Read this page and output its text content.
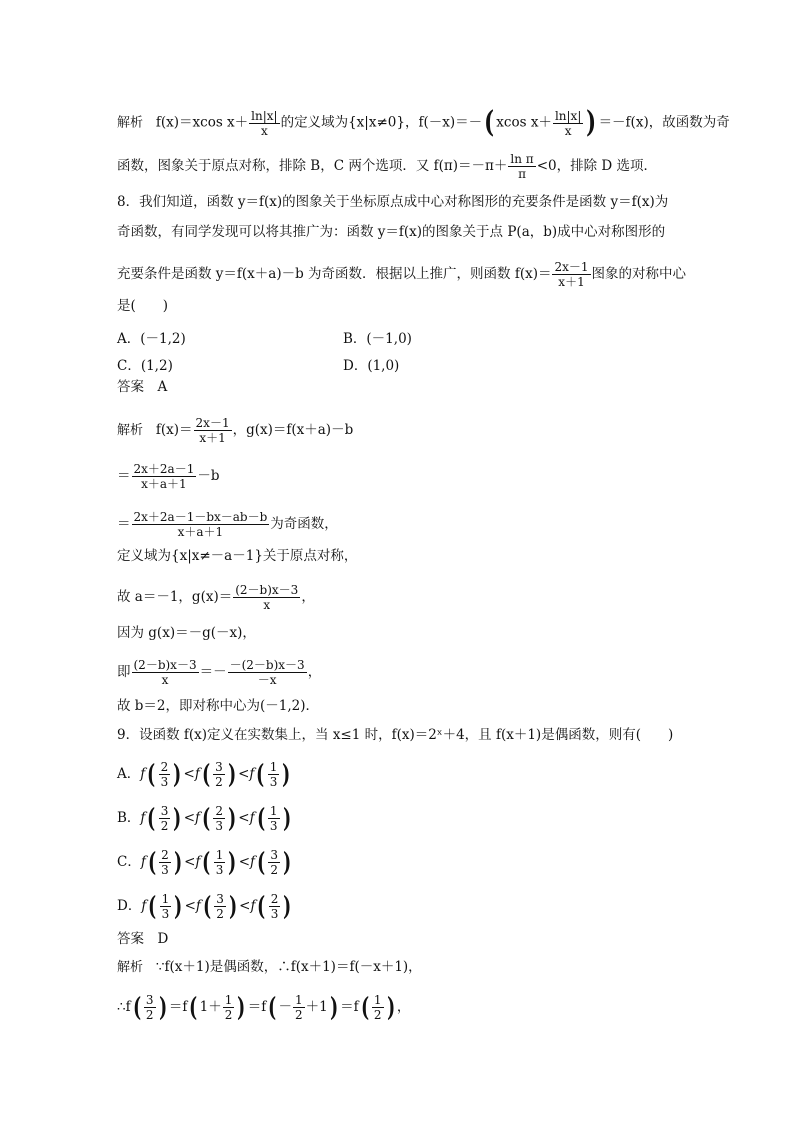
解析 f(x)＝xcos $x+ \frac{\ln|x|}{x}$ 的定义域为{x|x≠0}，f(－x)＝－( xcos $x+ \frac{\ln|x|}{x}$ ) ＝－f(x)，故函数为奇
函数，图象关于原点对称，排除 B，C 两个选项．又 $f(\pi)=-\pi+ \frac{\text{ln π}}{\pi} <0$，排除 D 选项．
8．我们知道，函数 y＝f(x)的图象关于坐标原点成中心对称图形的充要条件是函数 y＝f(x)为
奇函数，有同学发现可以将其推广为：函数 y＝f(x)的图象关于点 P(a，b)成中心对称图形的
充要条件是函数 y＝f(x＋a)－b 为奇函数．根据以上推广，则函数 $f(x)= \frac{2x-1}{x+1}$ 图象的对称中心
是(　　)
A．(－1,2)	B．(－1,0)
C．(1,2)	D．(1,0)
答案　A
解析 $f(x)= \frac{2x-1}{x+1}$ ，g(x)＝f(x＋a)－b
＝ $\frac{2x+2a-1}{x+a+1} -b$
＝ $\frac{2x+2a-1-bx-ab-b}{x+a+1}$ 为奇函数，
定义域为{x|x≠－a－1}关于原点对称，
故 a＝－1，$g(x)= \frac{(2-b)x-3}{x}$ ，
因为 g(x)＝－g(－x)，
即 $\frac{(2-b)x-3}{x} =- \frac{-(2-b)x-3}{-x}$ ，
故 b＝2，即对称中心为(－1,2)．
9．设函数 f(x)定义在实数集上，当 x≤1 时，f(x)＝2ˣ＋4，且 f(x＋1)是偶函数，则有(　　)
A．$f( \frac{2}{3}$ ) $<f( \frac{3}{2}$ ) $<f( \frac{1}{3}$ )
B．$f( \frac{3}{2}$ ) $<f( \frac{2}{3}$ ) $<f( \frac{1}{3}$ )
C．$f( \frac{2}{3}$ ) $<f( \frac{1}{3}$ ) $<f( \frac{3}{2}$ )
D．$f( \frac{1}{3}$ ) $<f( \frac{3}{2}$ ) $<f( \frac{2}{3}$ )
答案　D
解析 ∵f(x＋1)是偶函数，∴f(x＋1)＝f(－x＋1)，
∴f( $\frac{3}{2}$ ) ＝f( $1+ \frac{1}{2}$ ) $=f( - \frac{1}{2} +1) =f( \frac{1}{2}$ ) ，
